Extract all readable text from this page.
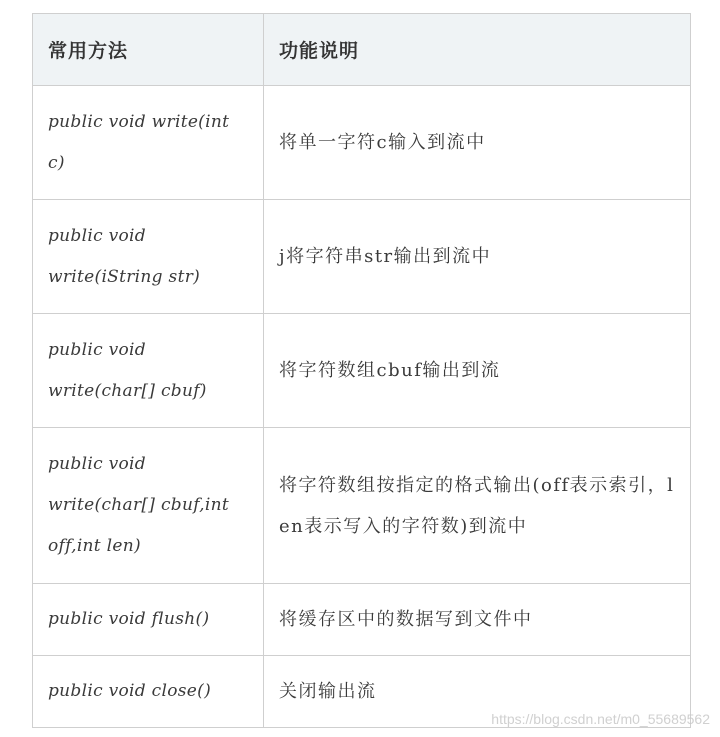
常用方法	功能说明
public void write(int c)	将单一字符c输入到流中
public void write(iString str)	j将字符串str输出到流中
public void write(char[] cbuf)	将字符数组cbuf输出到流
public void write(char[] cbuf,int off,int len)	将字符数组按指定的格式输出(off表示索引，len表示写入的字符数)到流中
public void flush()	将缓存区中的数据写到文件中
public void close()	关闭输出流
https://blog.csdn.net/m0_55689562
